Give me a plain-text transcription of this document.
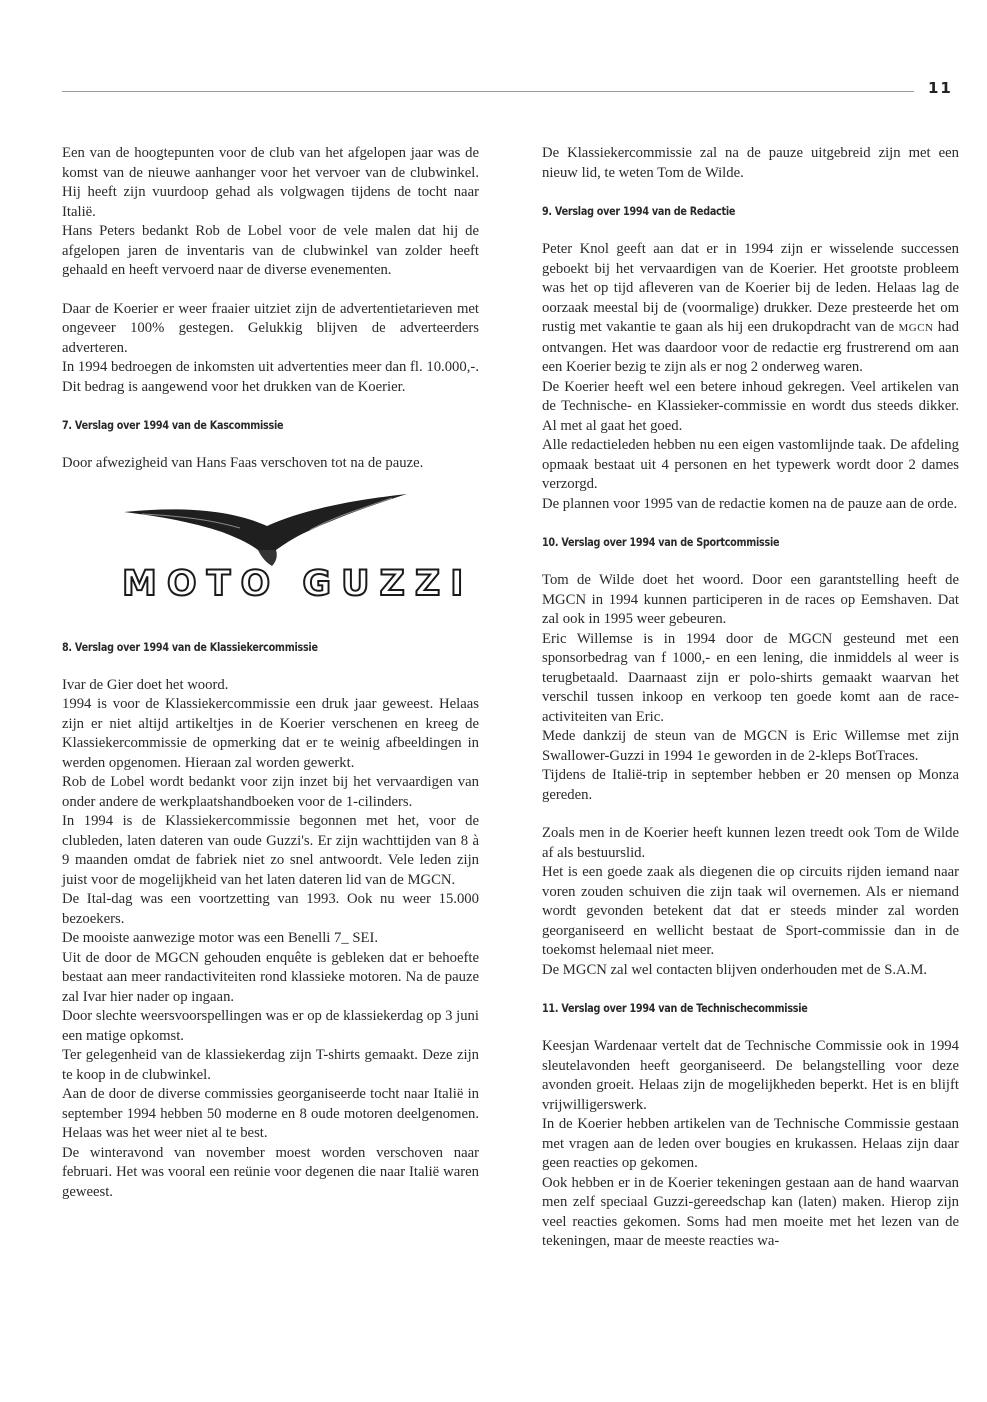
11

Een van de hoogtepunten voor de club van het afgelopen jaar was de komst van de nieuwe aanhanger voor het vervoer van de clubwinkel. Hij heeft zijn vuurdoop gehad als volgwagen tijdens de tocht naar Italië.

Hans Peters bedankt Rob de Lobel voor de vele malen dat hij de afgelopen jaren de inventaris van de clubwinkel van zolder heeft gehaald en heeft vervoerd naar de diverse evenementen.

Daar de Koerier er weer fraaier uitziet zijn de advertentietarieven met ongeveer 100% gestegen. Gelukkig blijven de adverteerders adverteren.

In 1994 bedroegen de inkomsten uit advertenties meer dan fl. 10.000,-. Dit bedrag is aangewend voor het drukken van de Koerier.

7. Verslag over 1994 van de Kascommissie

Door afwezigheid van Hans Faas verschoven tot na de pauze.

MOTO GUZZI
8. Verslag over 1994 van de Klassiekercommissie

Ivar de Gier doet het woord.

1994 is voor de Klassiekercommissie een druk jaar geweest. Helaas zijn er niet altijd artikeltjes in de Koerier verschenen en kreeg de Klassiekercommissie de opmerking dat er te weinig afbeeldingen in werden opgenomen. Hieraan zal worden gewerkt.

Rob de Lobel wordt bedankt voor zijn inzet bij het vervaardigen van onder andere de werkplaatshandboeken voor de 1-cilinders.

In 1994 is de Klassiekercommissie begonnen met het, voor de clubleden, laten dateren van oude Guzzi's. Er zijn wachttijden van 8 à 9 maanden omdat de fabriek niet zo snel antwoordt. Vele leden zijn juist voor de mogelijkheid van het laten dateren lid van de MGCN.

De Ital-dag was een voortzetting van 1993. Ook nu weer 15.000 bezoekers.

De mooiste aanwezige motor was een Benelli 7_ SEI.

Uit de door de MGCN gehouden enquête is gebleken dat er behoefte bestaat aan meer randactiviteiten rond klassieke motoren. Na de pauze zal Ivar hier nader op ingaan.

Door slechte weersvoorspellingen was er op de klassiekerdag op 3 juni een matige opkomst.

Ter gelegenheid van de klassiekerdag zijn T-shirts gemaakt. Deze zijn te koop in de clubwinkel.

Aan de door de diverse commissies georganiseerde tocht naar Italië in september 1994 hebben 50 moderne en 8 oude motoren deelgenomen. Helaas was het weer niet al te best.

De winteravond van november moest worden verschoven naar februari. Het was vooral een reünie voor degenen die naar Italië waren geweest.

De Klassiekercommissie zal na de pauze uitgebreid zijn met een nieuw lid, te weten Tom de Wilde.

9. Verslag over 1994 van de Redactie

Peter Knol geeft aan dat er in 1994 zijn er wisselende successen geboekt bij het vervaardigen van de Koerier. Het grootste probleem was het op tijd afleveren van de Koerier bij de leden. Helaas lag de oorzaak meestal bij de (voormalige) drukker. Deze presteerde het om rustig met vakantie te gaan als hij een drukopdracht van de MGCN had ontvangen. Het was daardoor voor de redactie erg frustrerend om aan een Koerier bezig te zijn als er nog 2 onderweg waren.

De Koerier heeft wel een betere inhoud gekregen. Veel artikelen van de Technische- en Klassieker-commissie en wordt dus steeds dikker. Al met al gaat het goed.

Alle redactieleden hebben nu een eigen vastomlijnde taak. De afdeling opmaak bestaat uit 4 personen en het typewerk wordt door 2 dames verzorgd.

De plannen voor 1995 van de redactie komen na de pauze aan de orde.

10. Verslag over 1994 van de Sportcommissie

Tom de Wilde doet het woord. Door een garantstelling heeft de MGCN in 1994 kunnen participeren in de races op Eemshaven. Dat zal ook in 1995 weer gebeuren.

Eric Willemse is in 1994 door de MGCN gesteund met een sponsorbedrag van f 1000,- en een lening, die inmiddels al weer is terugbetaald. Daarnaast zijn er polo-shirts gemaakt waarvan het verschil tussen inkoop en verkoop ten goede komt aan de race-activiteiten van Eric.

Mede dankzij de steun van de MGCN is Eric Willemse met zijn Swallower-Guzzi in 1994 1e geworden in de 2-kleps BotTraces.

Tijdens de Italië-trip in september hebben er 20 mensen op Monza gereden.

Zoals men in de Koerier heeft kunnen lezen treedt ook Tom de Wilde af als bestuurslid.

Het is een goede zaak als diegenen die op circuits rijden iemand naar voren zouden schuiven die zijn taak wil overnemen. Als er niemand wordt gevonden betekent dat dat er steeds minder zal worden georganiseerd en wellicht bestaat de Sport-commissie dan in de toekomst helemaal niet meer.

De MGCN zal wel contacten blijven onderhouden met de S.A.M.

11. Verslag over 1994 van de Technischecommissie

Keesjan Wardenaar vertelt dat de Technische Commissie ook in 1994 sleutelavonden heeft georganiseerd. De belangstelling voor deze avonden groeit. Helaas zijn de mogelijkheden beperkt. Het is en blijft vrijwilligerswerk.

In de Koerier hebben artikelen van de Technische Commissie gestaan met vragen aan de leden over bougies en krukassen. Helaas zijn daar geen reacties op gekomen.

Ook hebben er in de Koerier tekeningen gestaan aan de hand waarvan men zelf speciaal Guzzi-gereedschap kan (laten) maken. Hierop zijn veel reacties gekomen. Soms had men moeite met het lezen van de tekeningen, maar de meeste reacties wa-
